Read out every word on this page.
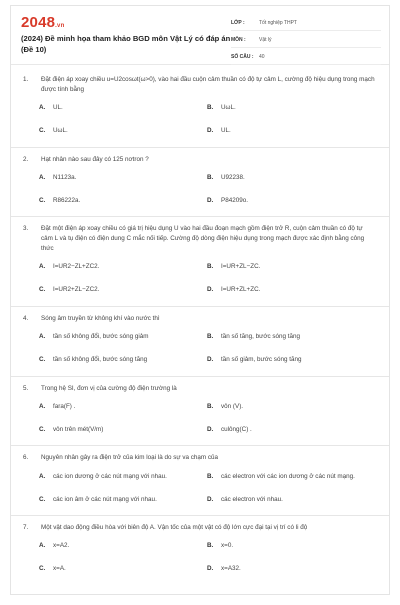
2048.vn
(2024) Đề minh họa tham khảo BGD môn Vật Lý có đáp án (Đề 10)
LỚP :	Tốt nghiệp THPT
MÔN :	Vật lý
SỐ CÂU :	40
1.	Đặt điện áp xoay chiều u=U2cosωt(ω>0), vào hai đầu cuộn cảm thuần có độ tự cảm L, cường độ hiệu dụng trong mạch được tính bằng
A.	UL.	B.	UωL.
C.	UωL.	D.	UL.
2.	Hạt nhân nào sau đây có 125 nơtron ?
A.	N1123a.	B.	U92238.
C.	R86222a.	D.	P84209o.
3.	Đặt một điện áp xoay chiều có giá trị hiệu dụng U vào hai đầu đoạn mạch gồm điện trở R, cuộn cảm thuần có độ tự cảm L và tụ điện có điện dung C mắc nối tiếp. Cường độ dòng điện hiệu dụng trong mạch được xác định bằng công thức
A.	I=UR2−ZL+ZC2.	B.	I=UR+ZL−ZC.
C.	I=UR2+ZL−ZC2.	D.	I=UR+ZL+ZC.
4.	Sóng âm truyền từ không khí vào nước thì
A.	tần số không đổi, bước sóng giảm	B.	tần số tăng, bước sóng tăng
C.	tần số không đổi, bước sóng tăng	D.	tần số giảm, bước sóng tăng
5.	Trong hệ SI, đơn vị của cường độ điện trường là
A.	fara(F) .	B.	vôn (V).
C.	vôn trên mét(V/m)	D.	culông(C) .
6.	Nguyên nhân gây ra điện trở của kim loại là do sự va chạm của
A.	các ion dương ở các nút mạng với nhau.	B.	các electron với các ion dương ở các nút mạng.
C.	các ion âm ở các nút mạng với nhau.	D.	các electron với nhau.
7.	Một vật dao động điều hòa với biên độ A. Vận tốc của một vật có độ lớn cực đại tại vị trí có li độ
A.	x=A2.	B.	x=0.
C.	x=A.	D.	x=A32.
